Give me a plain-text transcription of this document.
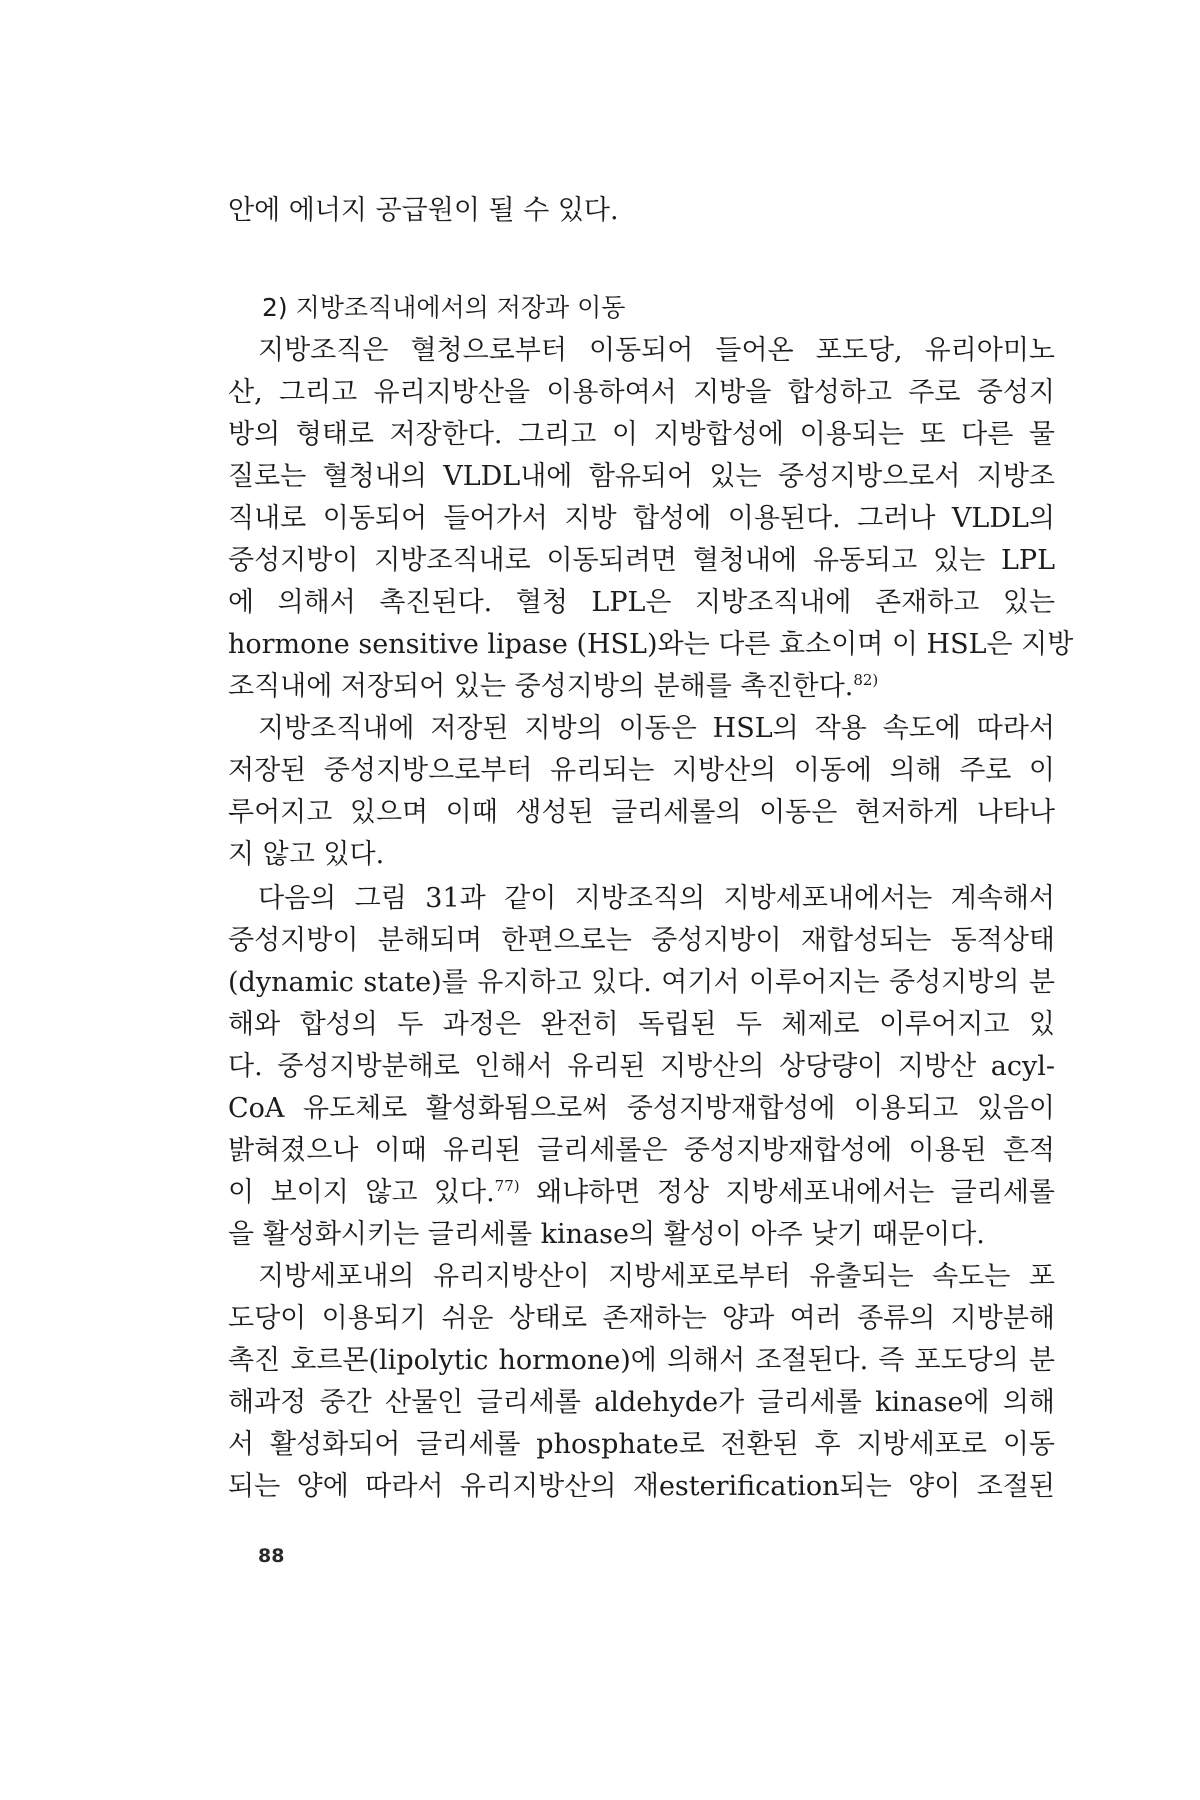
안에 에너지 공급원이 될 수 있다.
2) 지방조직내에서의 저장과 이동
지방조직은 혈청으로부터 이동되어 들어온 포도당, 유리아미노
산, 그리고 유리지방산을 이용하여서 지방을 합성하고 주로 중성지
방의 형태로 저장한다. 그리고 이 지방합성에 이용되는 또 다른 물
질로는 혈청내의 VLDL내에 함유되어 있는 중성지방으로서 지방조
직내로 이동되어 들어가서 지방 합성에 이용된다. 그러나 VLDL의
중성지방이 지방조직내로 이동되려면 혈청내에 유동되고 있는 LPL
에 의해서 촉진된다. 혈청 LPL은 지방조직내에 존재하고 있는
hormone sensitive lipase (HSL)와는 다른 효소이며 이 HSL은 지방
조직내에 저장되어 있는 중성지방의 분해를 촉진한다.$^{82)}$
지방조직내에 저장된 지방의 이동은 HSL의 작용 속도에 따라서
저장된 중성지방으로부터 유리되는 지방산의 이동에 의해 주로 이
루어지고 있으며 이때 생성된 글리세롤의 이동은 현저하게 나타나
지 않고 있다.
다음의 그림 31과 같이 지방조직의 지방세포내에서는 계속해서
중성지방이 분해되며 한편으로는 중성지방이 재합성되는 동적상태
(dynamic state)를 유지하고 있다. 여기서 이루어지는 중성지방의 분
해와 합성의 두 과정은 완전히 독립된 두 체제로 이루어지고 있
다. 중성지방분해로 인해서 유리된 지방산의 상당량이 지방산 acyl-
CoA 유도체로 활성화됨으로써 중성지방재합성에 이용되고 있음이
밝혀졌으나 이때 유리된 글리세롤은 중성지방재합성에 이용된 흔적
이 보이지 않고 있다.$^{77)}$ 왜냐하면 정상 지방세포내에서는 글리세롤
을 활성화시키는 글리세롤 kinase의 활성이 아주 낮기 때문이다.
지방세포내의 유리지방산이 지방세포로부터 유출되는 속도는 포
도당이 이용되기 쉬운 상태로 존재하는 양과 여러 종류의 지방분해
촉진 호르몬(lipolytic hormone)에 의해서 조절된다. 즉 포도당의 분
해과정 중간 산물인 글리세롤 aldehyde가 글리세롤 kinase에 의해
서 활성화되어 글리세롤 phosphate로 전환된 후 지방세포로 이동
되는 양에 따라서 유리지방산의 재esterification되는 양이 조절된
88
